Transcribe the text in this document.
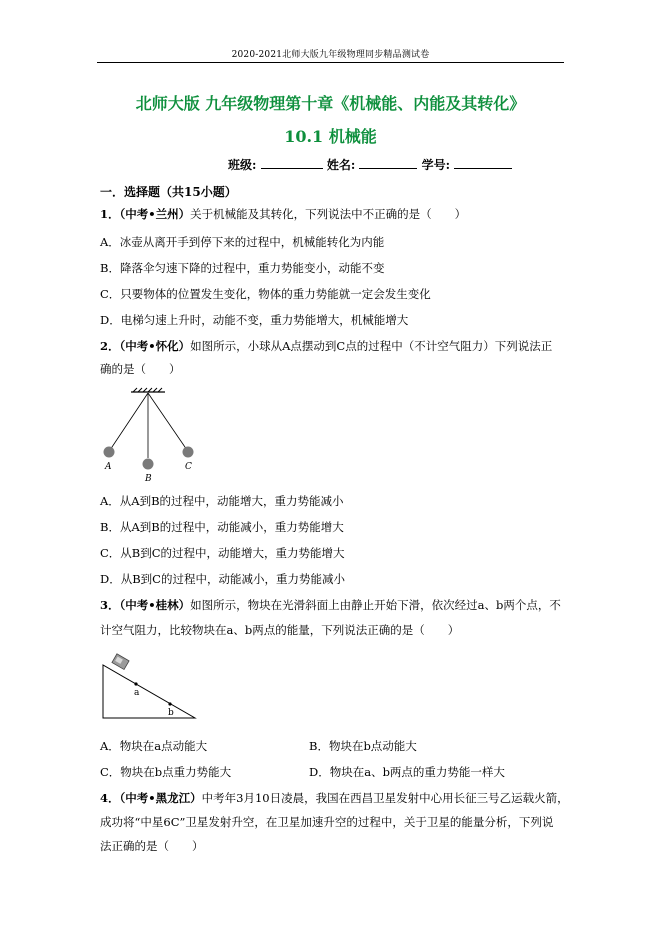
2020-2021北师大版九年级物理同步精品测试卷
北师大版 九年级物理第十章《机械能、内能及其转化》
10.1 机械能
班级:	姓名:	学号:
一．选择题（共15小题）
1．（中考•兰州）关于机械能及其转化，下列说法中不正确的是（　　）
A．冰壶从离开手到停下来的过程中，机械能转化为内能
B．降落伞匀速下降的过程中，重力势能变小，动能不变
C．只要物体的位置发生变化，物体的重力势能就一定会发生变化
D．电梯匀速上升时，动能不变，重力势能增大，机械能增大
2．（中考•怀化）如图所示，小球从A点摆动到C点的过程中（不计空气阻力）下列说法正
确的是（　　）
A
B
C
A．从A到B的过程中，动能增大，重力势能减小
B．从A到B的过程中，动能减小，重力势能增大
C．从B到C的过程中，动能增大，重力势能增大
D．从B到C的过程中，动能减小，重力势能减小
3．（中考•桂林）如图所示，物块在光滑斜面上由静止开始下滑，依次经过a、b两个点，不
计空气阻力，比较物块在a、b两点的能量，下列说法正确的是（　　）
a
b
A．物块在a点动能大	B．物块在b点动能大
C．物块在b点重力势能大	D．物块在a、b两点的重力势能一样大
4．（中考•黑龙江）中考年3月10日凌晨，我国在西昌卫星发射中心用长征三号乙运载火箭，
成功将“中星6C”卫星发射升空，在卫星加速升空的过程中，关于卫星的能量分析，下列说
法正确的是（　　）
